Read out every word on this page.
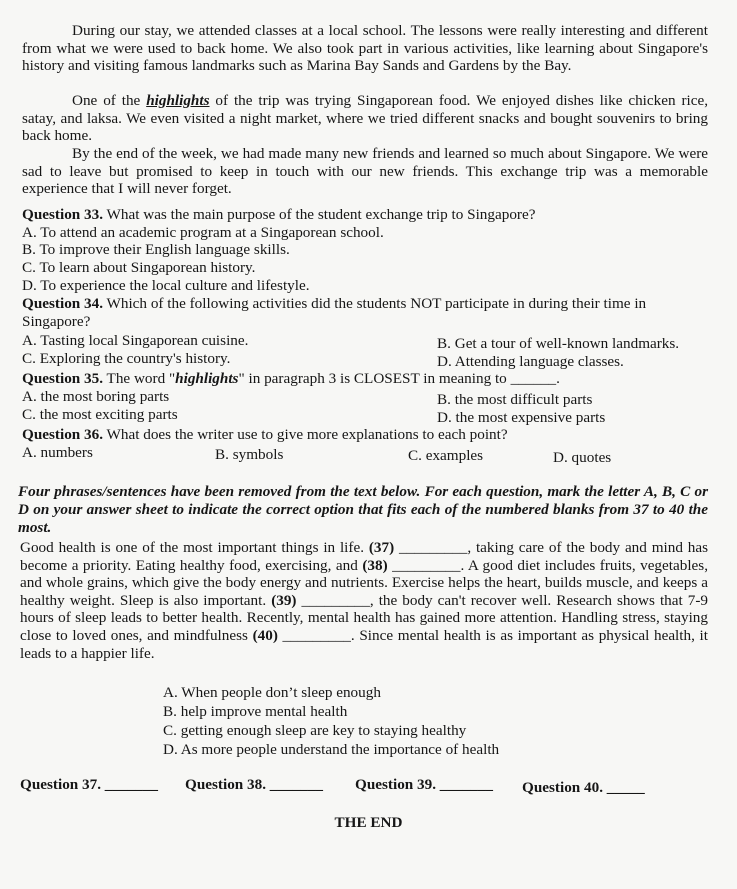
During our stay, we attended classes at a local school. The lessons were really interesting and different from what we were used to back home. We also took part in various activities, like learning about Singapore's history and visiting famous landmarks such as Marina Bay Sands and Gardens by the Bay.

One of the highlights of the trip was trying Singaporean food. We enjoyed dishes like chicken rice, satay, and laksa. We even visited a night market, where we tried different snacks and bought souvenirs to bring back home.

By the end of the week, we had made many new friends and learned so much about Singapore. We were sad to leave but promised to keep in touch with our new friends. This exchange trip was a memorable experience that I will never forget.

Question 33. What was the main purpose of the student exchange trip to Singapore?

A. To attend an academic program at a Singaporean school.
B. To improve their English language skills.
C. To learn about Singaporean history.
D. To experience the local culture and lifestyle.

Question 34. Which of the following activities did the students NOT participate in during their time in Singapore?

A. Tasting local Singaporean cuisine.	B. Get a tour of well-known landmarks.
C. Exploring the country's history.	D. Attending language classes.

Question 35. The word "highlights" in paragraph 3 is CLOSEST in meaning to ______.

A. the most boring parts	B. the most difficult parts
C. the most exciting parts	D. the most expensive parts

Question 36. What does the writer use to give more explanations to each point?

A. numbers	B. symbols	C. examples	D. quotes

Four phrases/sentences have been removed from the text below. For each question, mark the letter A, B, C or D on your answer sheet to indicate the correct option that fits each of the numbered blanks from 37 to 40 the most.

Good health is one of the most important things in life. (37) _________, taking care of the body and mind has become a priority. Eating healthy food, exercising, and (38) _________. A good diet includes fruits, vegetables, and whole grains, which give the body energy and nutrients. Exercise helps the heart, builds muscle, and keeps a healthy weight. Sleep is also important. (39) _________, the body can't recover well. Research shows that 7-9 hours of sleep leads to better health. Recently, mental health has gained more attention. Handling stress, staying close to loved ones, and mindfulness (40) _________. Since mental health is as important as physical health, it leads to a happier life.

A. When people don’t sleep enough
B. help improve mental health
C. getting enough sleep are key to staying healthy
D. As more people understand the importance of health
Question 37. _______ Question 38. _______ Question 39. _______ Question 40. _____
THE END
